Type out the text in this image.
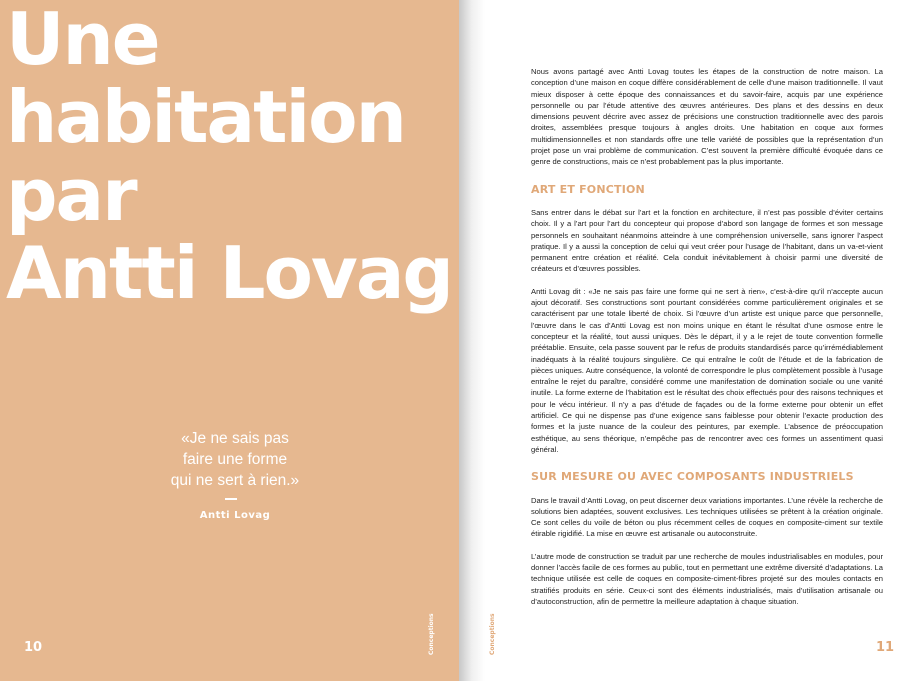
Une
habitation
par
Antti Lovag
«Je ne sais pas
faire une forme
qui ne sert à rien.»
Antti Lovag
10	Conceptions

Nous avons partagé avec Antti Lovag toutes les étapes de la construction de notre maison. La conception d’une maison en coque diffère considérablement de celle d’une maison traditionnelle. Il vaut mieux disposer à cette époque des connaissances et du savoir-faire, acquis par une expérience personnelle ou par l’étude attentive des œuvres antérieures. Des plans et des dessins en deux dimensions peuvent décrire avec assez de précisions une construction traditionnelle avec des parois droites, assemblées presque toujours à angles droits. Une habitation en coque aux formes multidimensionnelles et non standards offre une telle variété de possibles que la représentation d’un projet pose un vrai problème de communication. C’est souvent la première difficulté évoquée dans ce genre de constructions, mais ce n’est probablement pas la plus importante.

ART ET FONCTION

Sans entrer dans le débat sur l’art et la fonction en architecture, il n’est pas possible d’éviter certains choix. Il y a l’art pour l’art du concepteur qui propose d’abord son langage de formes et son message personnels en souhaitant néanmoins atteindre à une compréhension universelle, sans ignorer l’aspect pratique. Il y a aussi la conception de celui qui veut créer pour l’usage de l’habitant, dans un va-et-vient permanent entre création et réalité. Cela conduit inévitablement à choisir parmi une diversité de créateurs et d’œuvres possibles.

Antti Lovag dit : «Je ne sais pas faire une forme qui ne sert à rien», c’est-à-dire qu’il n’accepte aucun ajout décoratif. Ses constructions sont pourtant considérées comme particulièrement originales et se caractérisent par une totale liberté de choix. Si l’œuvre d’un artiste est unique parce que personnelle, l’œuvre dans le cas d’Antti Lovag est non moins unique en étant le résultat d’une osmose entre le concepteur et la réalité, tout aussi uniques. Dès le départ, il y a le rejet de toute convention formelle préétablie. Ensuite, cela passe souvent par le refus de produits standardisés parce qu’irrémédiablement inadéquats à la réalité toujours singulière. Ce qui entraîne le coût de l’étude et de la fabrication de pièces uniques. Autre conséquence, la volonté de correspondre le plus complètement possible à l’usage entraîne le rejet du paraître, considéré comme une manifestation de domination sociale ou une vanité inutile. La forme externe de l’habitation est le résultat des choix effectués pour des raisons techniques et pour le vécu intérieur. Il n’y a pas d’étude de façades ou de la forme externe pour obtenir un effet artificiel. Ce qui ne dispense pas d’une exigence sans faiblesse pour obtenir l’exacte production des formes et la juste nuance de la couleur des peintures, par exemple. L’absence de préoccupation esthétique, au sens théorique, n’empêche pas de rencontrer avec ces formes un assentiment quasi général.

SUR MESURE OU AVEC COMPOSANTS INDUSTRIELS

Dans le travail d’Antti Lovag, on peut discerner deux variations importantes. L’une révèle la recherche de solutions bien adaptées, souvent exclusives. Les techniques utilisées se prêtent à la création originale. Ce sont celles du voile de béton ou plus récemment celles de coques en composite-ciment sur textile étirable rigidifié. La mise en œuvre est artisanale ou autoconstruite.

L’autre mode de construction se traduit par une recherche de moules industrialisables en modules, pour donner l’accès facile de ces formes au public, tout en permettant une extrême diversité d’adaptations. La technique utilisée est celle de coques en composite-ciment-fibres projeté sur des moules contacts en stratifiés produits en série. Ceux-ci sont des éléments industrialisés, mais d’utilisation artisanale ou d’autoconstruction, afin de permettre la meilleure adaptation à chaque situation.

11
Conceptions
